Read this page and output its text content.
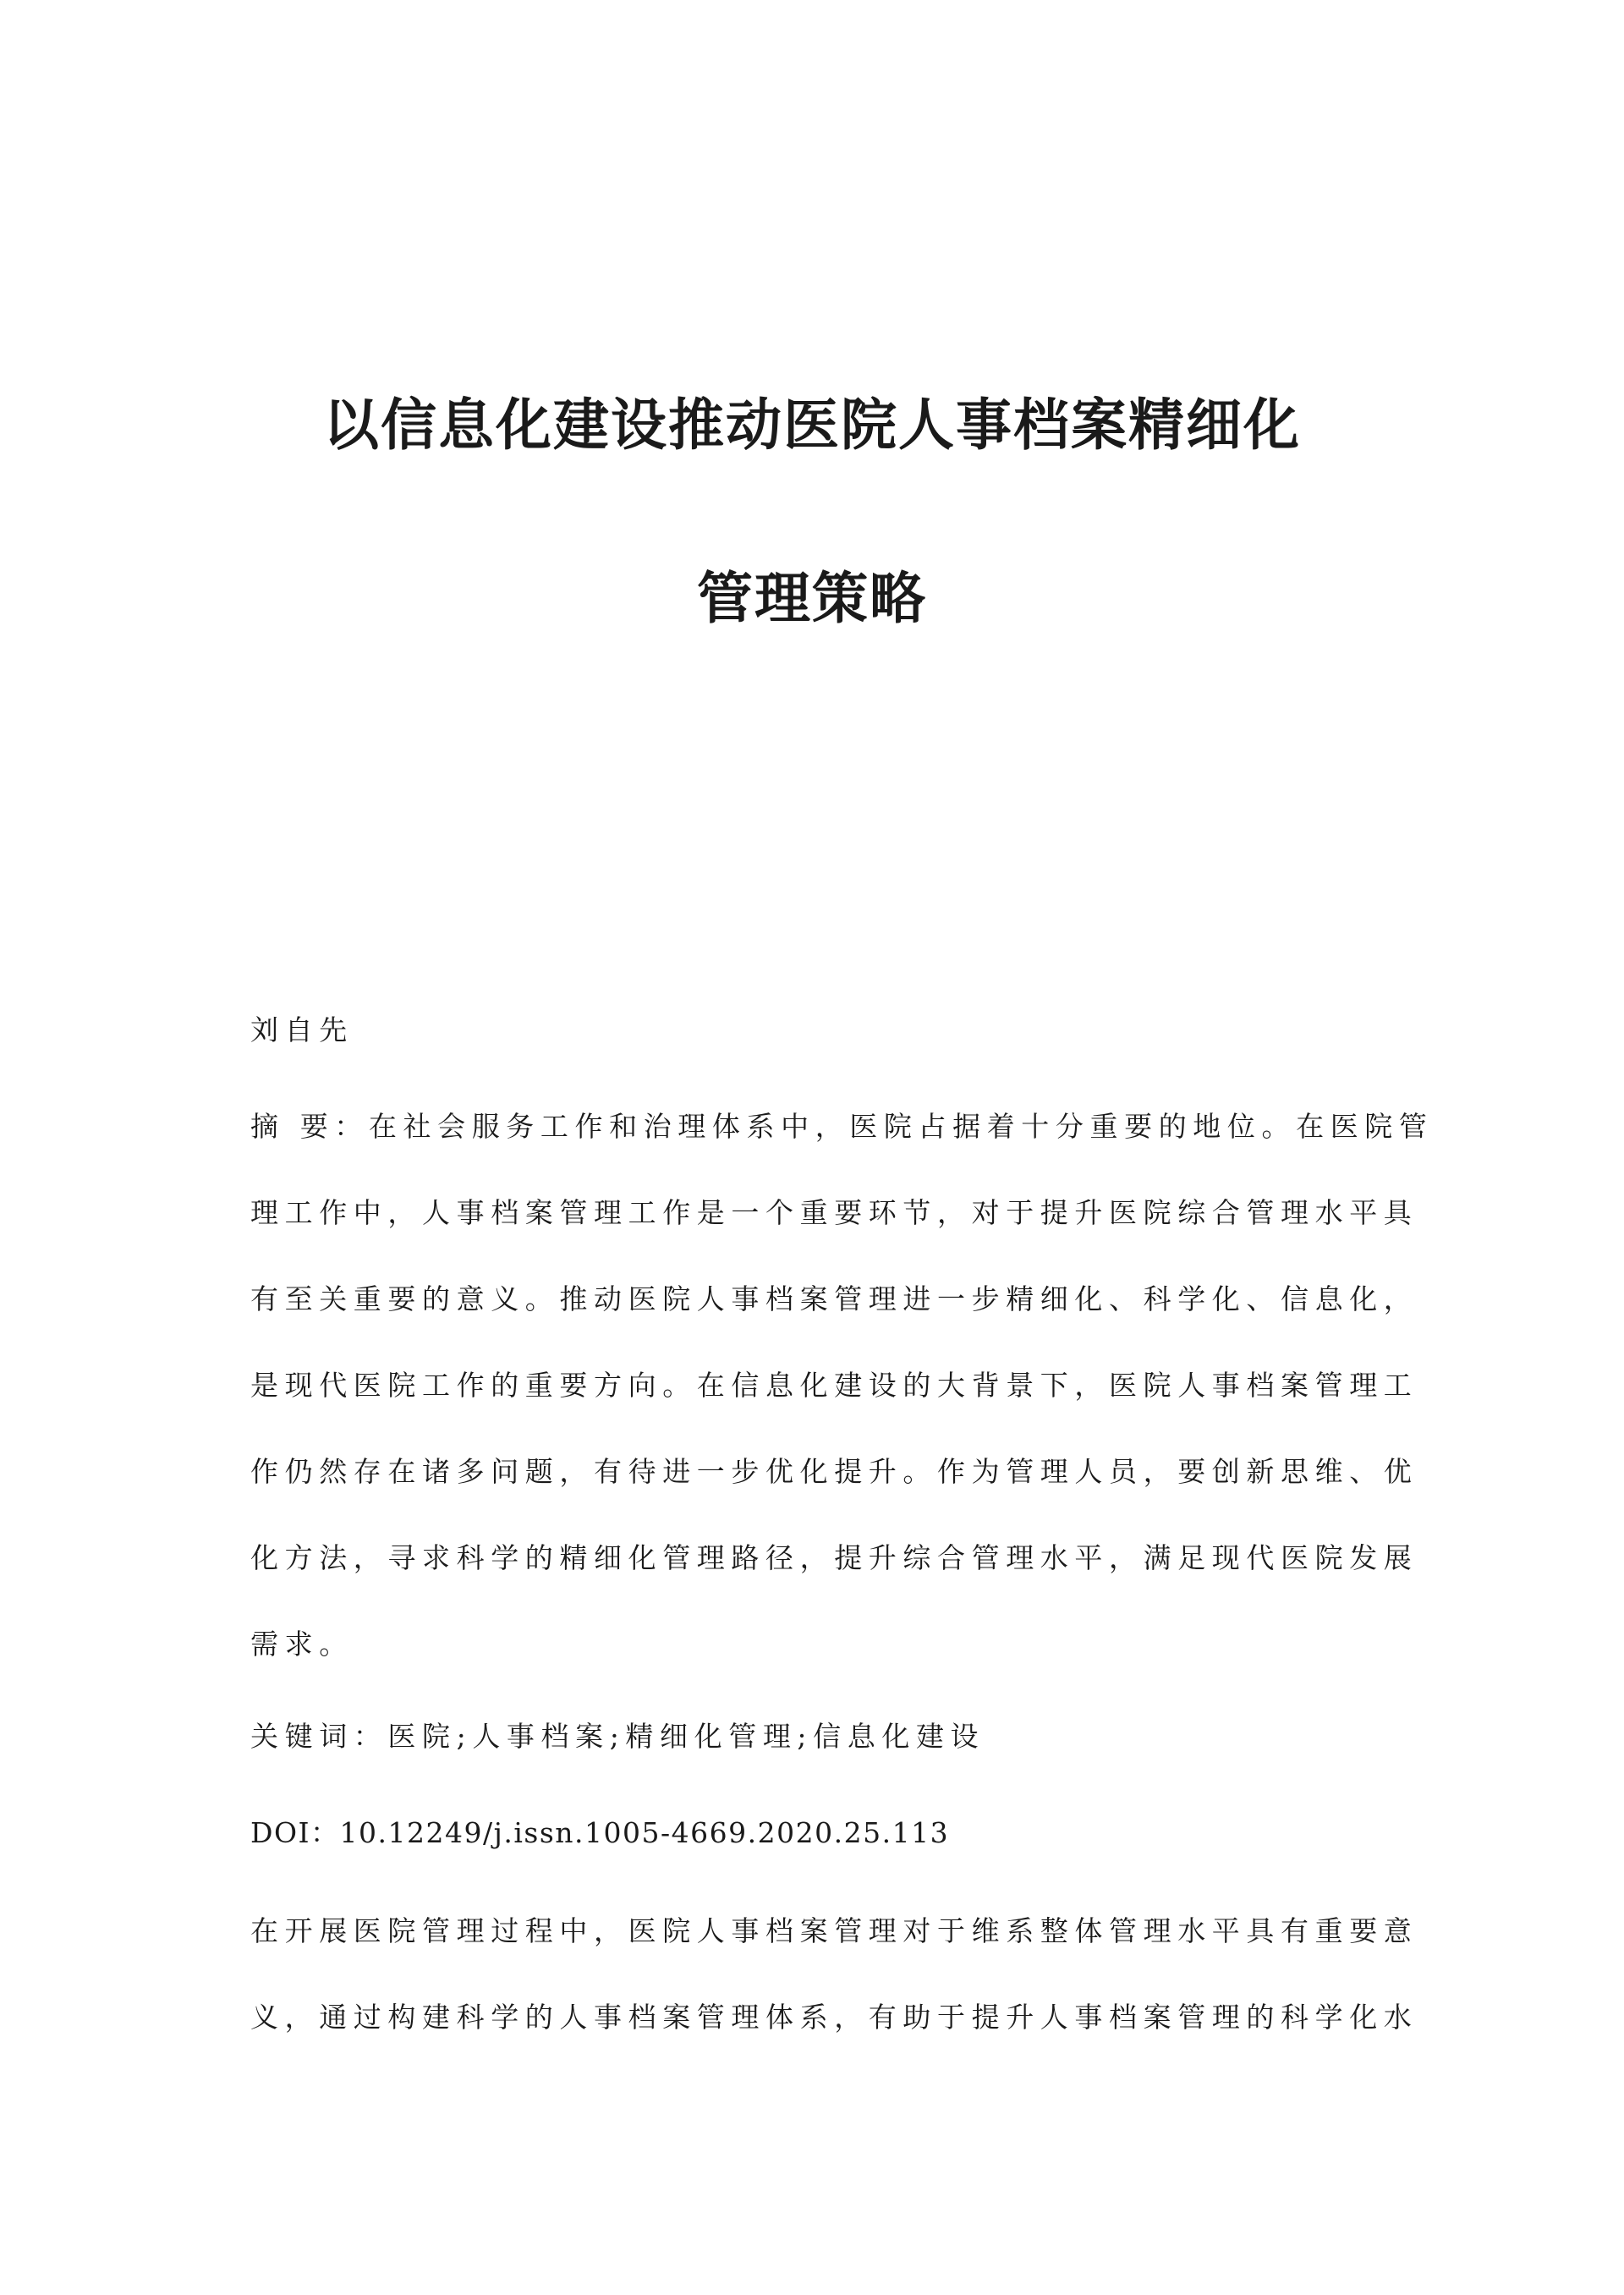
以信息化建设推动医院人事档案精细化
管理策略

刘自先

摘 要：在社会服务工作和治理体系中，医院占据着十分重要的地位。在医院管
理工作中，人事档案管理工作是一个重要环节，对于提升医院综合管理水平具
有至关重要的意义。推动医院人事档案管理进一步精细化、科学化、信息化，
是现代医院工作的重要方向。在信息化建设的大背景下，医院人事档案管理工
作仍然存在诸多问题，有待进一步优化提升。作为管理人员，要创新思维、优
化方法，寻求科学的精细化管理路径，提升综合管理水平，满足现代医院发展
需求。

关键词：医院;人事档案;精细化管理;信息化建设

DOI：10.12249/j.issn.1005-4669.2020.25.113

在开展医院管理过程中，医院人事档案管理对于维系整体管理水平具有重要意
义，通过构建科学的人事档案管理体系，有助于提升人事档案管理的科学化水
